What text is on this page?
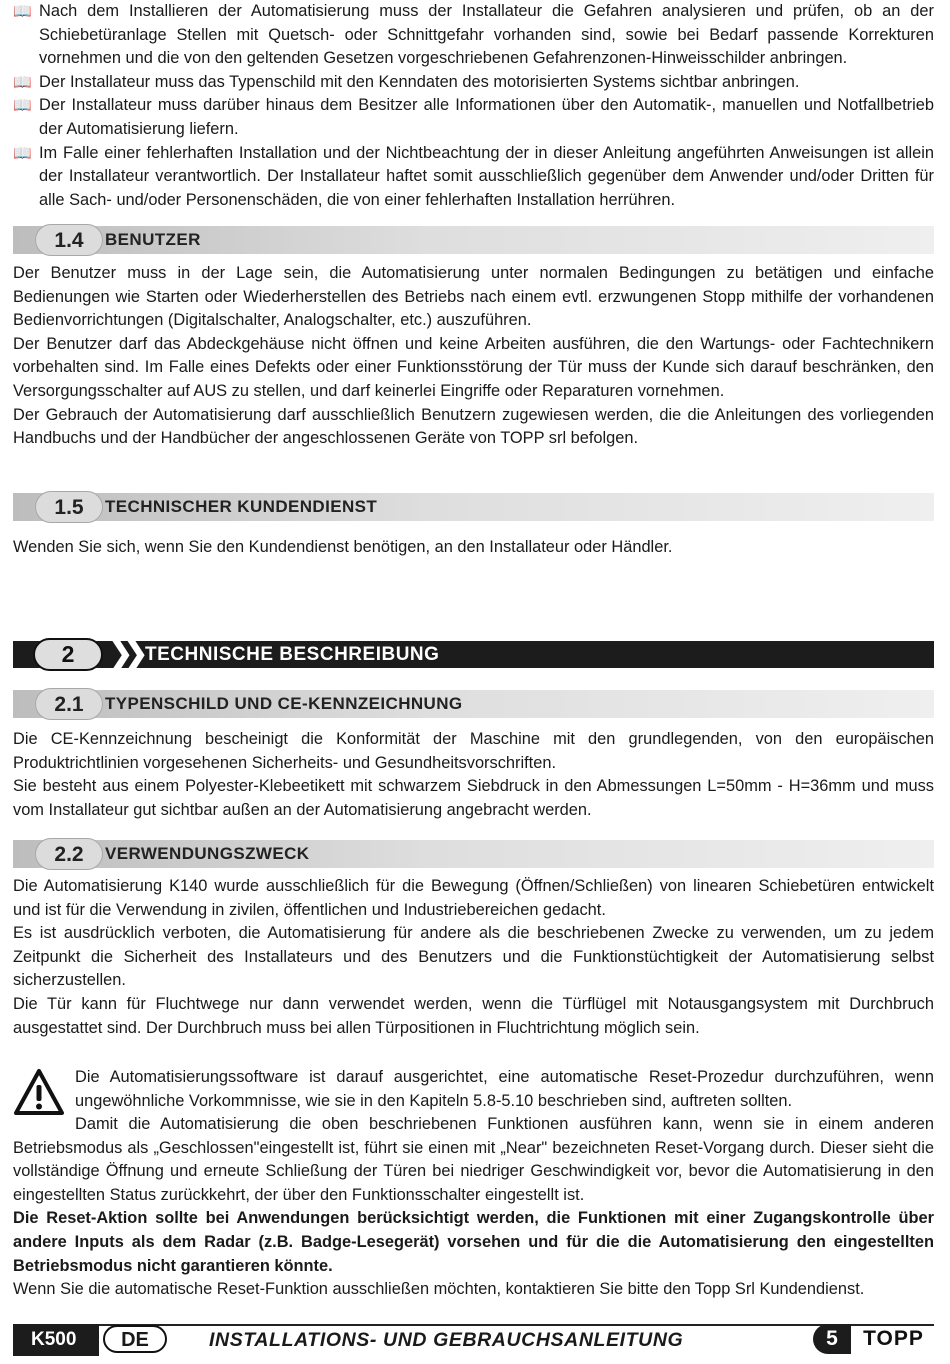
📖 Nach dem Installieren der Automatisierung muss der Installateur die Gefahren analysieren und prüfen, ob an der Schiebetüranlage Stellen mit Quetsch- oder Schnittgefahr vorhanden sind, sowie bei Bedarf passende Korrekturen vornehmen und die von den geltenden Gesetzen vorgeschriebenen Gefahrenzonen-Hinweisschilder anbringen.
📖 Der Installateur muss das Typenschild mit den Kenndaten des motorisierten Systems sichtbar anbringen.
📖 Der Installateur muss darüber hinaus dem Besitzer alle Informationen über den Automatik-, manuellen und Notfallbetrieb der Automatisierung liefern.
📖 Im Falle einer fehlerhaften Installation und der Nichtbeachtung der in dieser Anleitung angeführten Anweisungen ist allein der Installateur verantwortlich. Der Installateur haftet somit ausschließlich gegenüber dem Anwender und/oder Dritten für alle Sach- und/oder Personenschäden, die von einer fehlerhaften Installation herrühren.
1.4	BENUTZER

Der Benutzer muss in der Lage sein, die Automatisierung unter normalen Bedingungen zu betätigen und einfache Bedienungen wie Starten oder Wiederherstellen des Betriebs nach einem evtl. erzwungenen Stopp mithilfe der vorhandenen Bedienvorrichtungen (Digitalschalter, Analogschalter, etc.) auszuführen.

Der Benutzer darf das Abdeckgehäuse nicht öffnen und keine Arbeiten ausführen, die den Wartungs- oder Fachtechnikern vorbehalten sind. Im Falle eines Defekts oder einer Funktionsstörung der Tür muss der Kunde sich darauf beschränken, den Versorgungsschalter auf AUS zu stellen, und darf keinerlei Eingriffe oder Reparaturen vornehmen.

Der Gebrauch der Automatisierung darf ausschließlich Benutzern zugewiesen werden, die die Anleitungen des vorliegenden Handbuchs und der Handbücher der angeschlossenen Geräte von TOPP srl befolgen.

1.5	TECHNISCHER KUNDENDIENST
Wenden Sie sich, wenn Sie den Kundendienst benötigen, an den Installateur oder Händler.
2	❯❯ TECHNISCHE BESCHREIBUNG
2.1	TYPENSCHILD UND CE-KENNZEICHNUNG

Die CE-Kennzeichnung bescheinigt die Konformität der Maschine mit den grundlegenden, von den europäischen Produktrichtlinien vorgesehenen Sicherheits- und Gesundheitsvorschriften.

Sie besteht aus einem Polyester-Klebeetikett mit schwarzem Siebdruck in den Abmessungen L=50mm - H=36mm und muss vom Installateur gut sichtbar außen an der Automatisierung angebracht werden.

2.2	VERWENDUNGSZWECK

Die Automatisierung K140 wurde ausschließlich für die Bewegung (Öffnen/Schließen) von linearen Schiebetüren entwickelt und ist für die Verwendung in zivilen, öffentlichen und Industriebereichen gedacht.

Es ist ausdrücklich verboten, die Automatisierung für andere als die beschriebenen Zwecke zu verwenden, um zu jedem Zeitpunkt die Sicherheit des Installateurs und des Benutzers und die Funktionstüchtigkeit der Automatisierung selbst sicherzustellen.

Die Tür kann für Fluchtwege nur dann verwendet werden, wenn die Türflügel mit Notausgangsystem mit Durchbruch ausgestattet sind. Der Durchbruch muss bei allen Türpositionen in Fluchtrichtung möglich sein.

Die Automatisierungssoftware ist darauf ausgerichtet, eine automatische Reset-Prozedur durchzuführen, wenn ungewöhnliche Vorkommnisse, wie sie in den Kapiteln 5.8-5.10 beschrieben sind, auftreten sollten.

Damit die Automatisierung die oben beschriebenen Funktionen ausführen kann, wenn sie in einem anderen Betriebsmodus als „Geschlossen"eingestellt ist, führt sie einen mit „Near" bezeichneten Reset-Vorgang durch. Dieser sieht die vollständige Öffnung und erneute Schließung der Türen bei niedriger Geschwindigkeit vor, bevor die Automatisierung in den eingestellten Status zurückkehrt, der über den Funktionsschalter eingestellt ist.

Die Reset-Aktion sollte bei Anwendungen berücksichtigt werden, die Funktionen mit einer Zugangskontrolle über andere Inputs als dem Radar (z.B. Badge-Lesegerät) vorsehen und für die die Automatisierung den eingestellten Betriebsmodus nicht garantieren könnte.

Wenn Sie die automatische Reset-Funktion ausschließen möchten, kontaktieren Sie bitte den Topp Srl Kundendienst.

K500	DE	INSTALLATIONS- UND GEBRAUCHSANLEITUNG	5	TOPP
